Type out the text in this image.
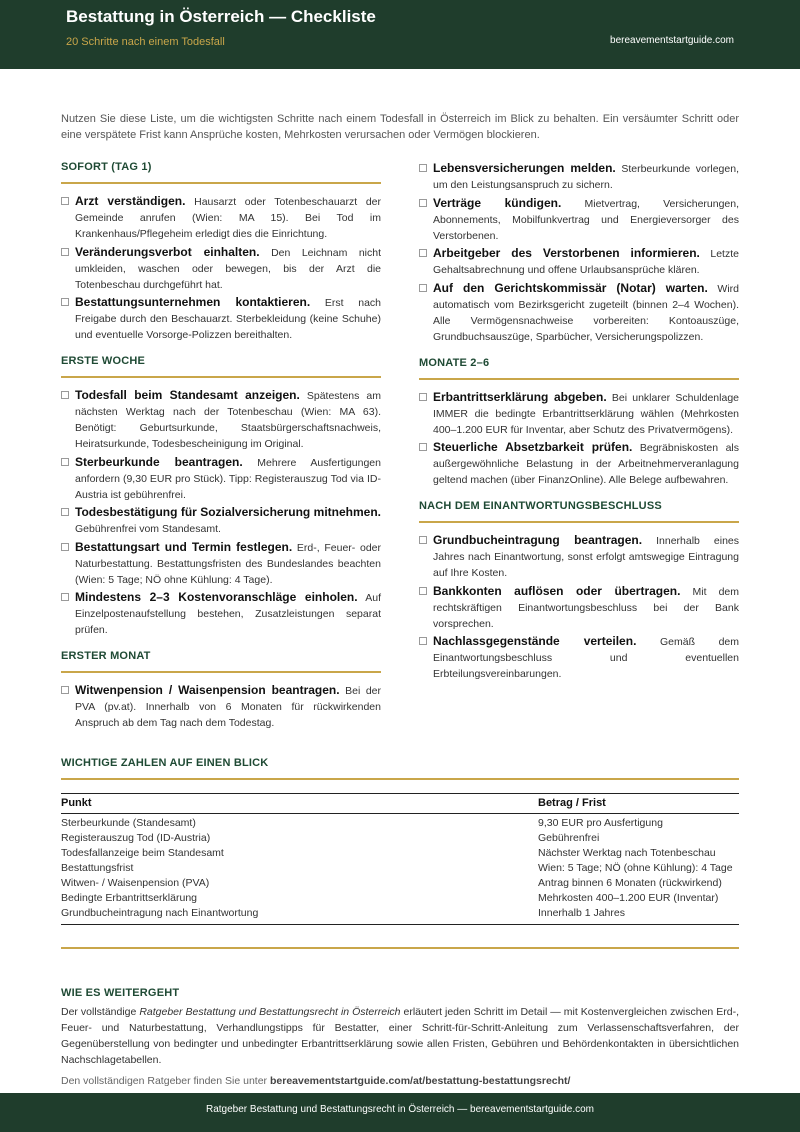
Bestattung in Österreich — Checkliste
20 Schritte nach einem Todesfall	bereavementstartguide.com

Nutzen Sie diese Liste, um die wichtigsten Schritte nach einem Todesfall in Österreich im Blick zu behalten. Ein versäumter Schritt oder eine verspätete Frist kann Ansprüche kosten, Mehrkosten verursachen oder Vermögen blockieren.

SOFORT (TAG 1)
Arzt verständigen. Hausarzt oder Totenbeschauarzt der Gemeinde anrufen (Wien: MA 15). Bei Tod im Krankenhaus/Pflegeheim erledigt dies die Einrichtung.
Veränderungsverbot einhalten. Den Leichnam nicht umkleiden, waschen oder bewegen, bis der Arzt die Totenbeschau durchgeführt hat.
Bestattungsunternehmen kontaktieren. Erst nach Freigabe durch den Beschauarzt. Sterbekleidung (keine Schuhe) und eventuelle Vorsorge-Polizzen bereithalten.
ERSTE WOCHE
Todesfall beim Standesamt anzeigen. Spätestens am nächsten Werktag nach der Totenbeschau (Wien: MA 63). Benötigt: Geburtsurkunde, Staatsbürgerschaftsnachweis, Heiratsurkunde, Todesbescheinigung im Original.
Sterbeurkunde beantragen. Mehrere Ausfertigungen anfordern (9,30 EUR pro Stück). Tipp: Registerauszug Tod via ID-Austria ist gebührenfrei.
Todesbestätigung für Sozialversicherung mitnehmen. Gebührenfrei vom Standesamt.
Bestattungsart und Termin festlegen. Erd-, Feuer- oder Naturbestattung. Bestattungsfristen des Bundeslandes beachten (Wien: 5 Tage; NÖ ohne Kühlung: 4 Tage).
Mindestens 2–3 Kostenvoranschläge einholen. Auf Einzelpostenaufstellung bestehen, Zusatzleistungen separat prüfen.
ERSTER MONAT
Witwenpension / Waisenpension beantragen. Bei der PVA (pv.at). Innerhalb von 6 Monaten für rückwirkenden Anspruch ab dem Tag nach dem Todestag.
Lebensversicherungen melden. Sterbeurkunde vorlegen, um den Leistungsanspruch zu sichern.
Verträge kündigen. Mietvertrag, Versicherungen, Abonnements, Mobilfunkvertrag und Energieversorger des Verstorbenen.
Arbeitgeber des Verstorbenen informieren. Letzte Gehaltsabrechnung und offene Urlaubsansprüche klären.
Auf den Gerichtskommissär (Notar) warten. Wird automatisch vom Bezirksgericht zugeteilt (binnen 2–4 Wochen). Alle Vermögensnachweise vorbereiten: Kontoauszüge, Grundbuchsauszüge, Sparbücher, Versicherungspolizzen.
MONATE 2–6
Erbantrittserklärung abgeben. Bei unklarer Schuldenlage IMMER die bedingte Erbantrittserklärung wählen (Mehrkosten 400–1.200 EUR für Inventar, aber Schutz des Privatvermögens).
Steuerliche Absetzbarkeit prüfen. Begräbniskosten als außergewöhnliche Belastung in der Arbeitnehmerveranlagung geltend machen (über FinanzOnline). Alle Belege aufbewahren.
NACH DEM EINANTWORTUNGSBESCHLUSS
Grundbucheintragung beantragen. Innerhalb eines Jahres nach Einantwortung, sonst erfolgt amtswegige Eintragung auf Ihre Kosten.
Bankkonten auflösen oder übertragen. Mit dem rechtskräftigen Einantwortungsbeschluss bei der Bank vorsprechen.
Nachlassgegenstände verteilen. Gemäß dem Einantwortungsbeschluss und eventuellen Erbteilungsvereinbarungen.
WICHTIGE ZAHLEN AUF EINEN BLICK
Punkt	Betrag / Frist
Sterbeurkunde (Standesamt)	9,30 EUR pro Ausfertigung
Registerauszug Tod (ID-Austria)	Gebührenfrei
Todesfallanzeige beim Standesamt	Nächster Werktag nach Totenbeschau
Bestattungsfrist	Wien: 5 Tage; NÖ (ohne Kühlung): 4 Tage
Witwen- / Waisenpension (PVA)	Antrag binnen 6 Monaten (rückwirkend)
Bedingte Erbantrittserklärung	Mehrkosten 400–1.200 EUR (Inventar)
Grundbucheintragung nach Einantwortung	Innerhalb 1 Jahres
WIE ES WEITERGEHT

Der vollständige Ratgeber Bestattung und Bestattungsrecht in Österreich erläutert jeden Schritt im Detail — mit Kostenvergleichen zwischen Erd-, Feuer- und Naturbestattung, Verhandlungstipps für Bestatter, einer Schritt-für-Schritt-Anleitung zum Verlassenschaftsverfahren, der Gegenüberstellung von bedingter und unbedingter Erbantrittserklärung sowie allen Fristen, Gebühren und Behördenkontakten in übersichtlichen Nachschlagetabellen.

Den vollständigen Ratgeber finden Sie unter bereavementstartguide.com/at/bestattung-bestattungsrecht/

Ratgeber Bestattung und Bestattungsrecht in Österreich — bereavementstartguide.com
